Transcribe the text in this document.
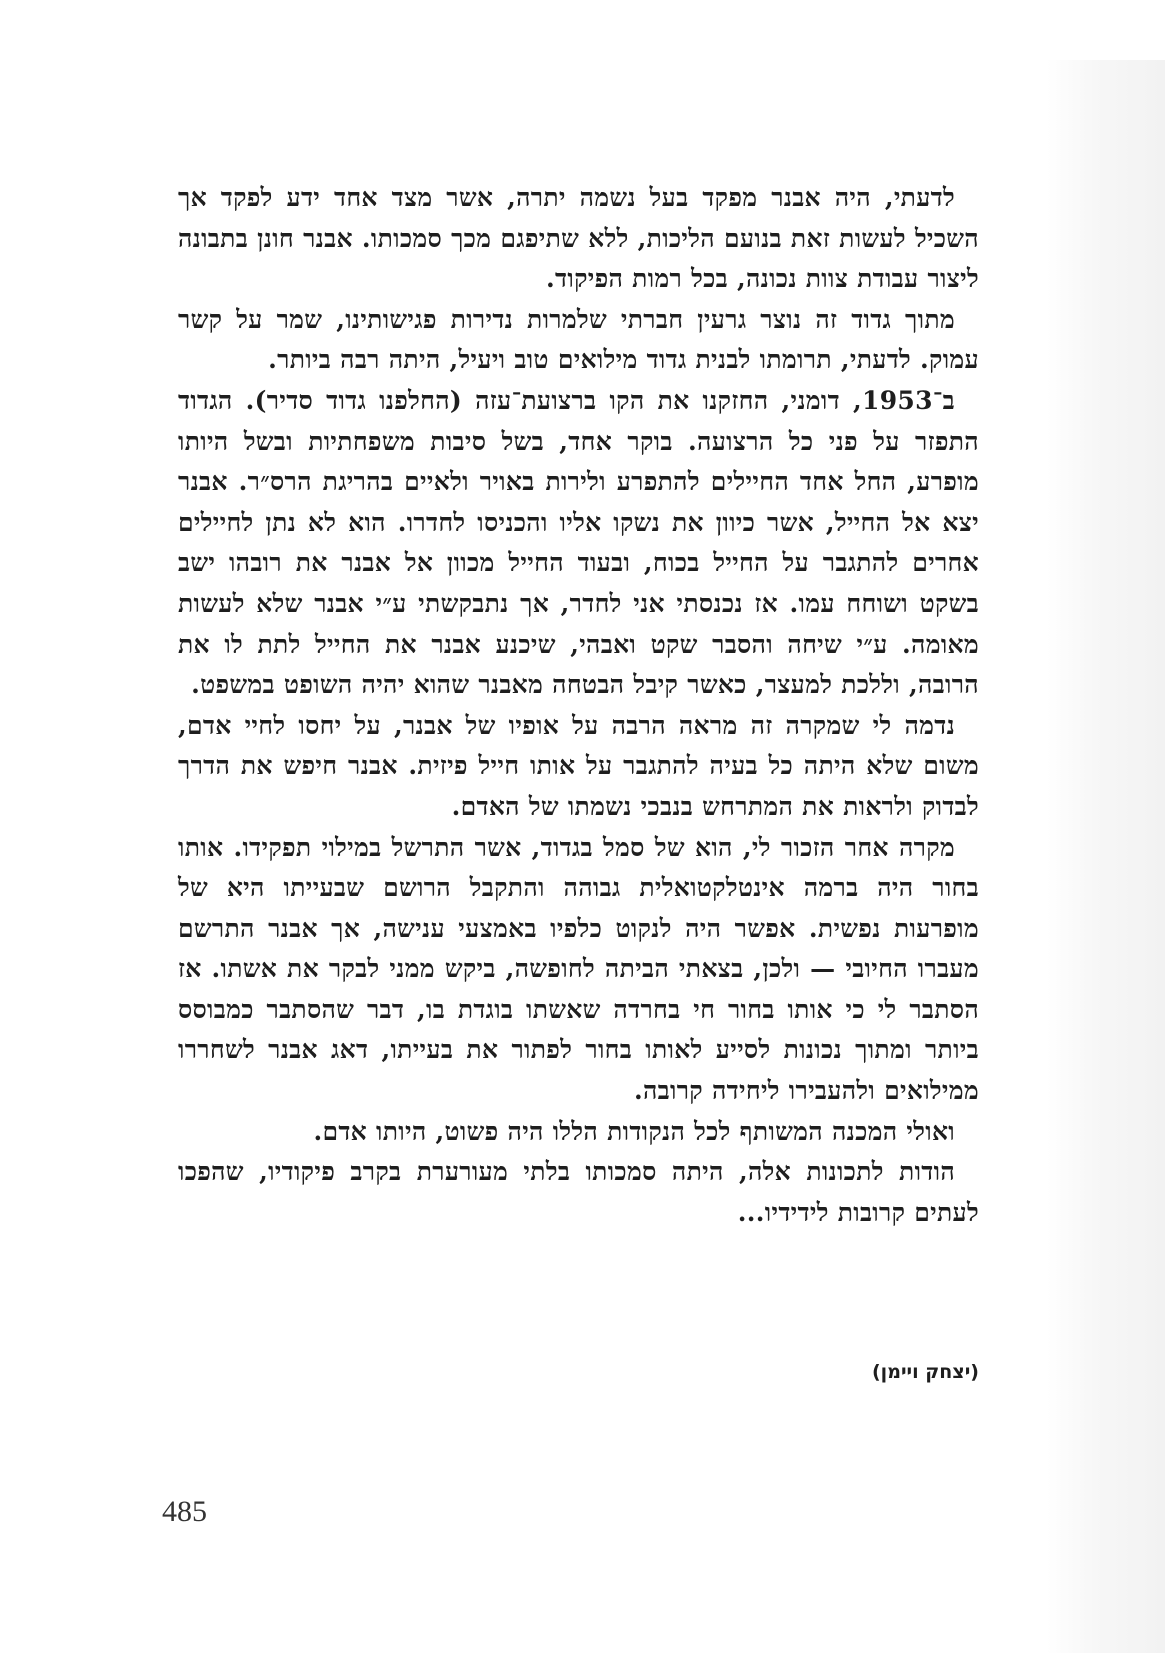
לדעתי, היה אבנר מפקד בעל נשמה יתרה, אשר מצד אחד ידע לפקד אך השכיל לעשות זאת בנועם הליכות, ללא שתיפגם מכך סמכותו. אבנר חונן בתבונה ליצור עבודת צוות נכונה, בכל רמות הפיקוד.

מתוך גדוד זה נוצר גרעין חברתי שלמרות נדירות פגישותינו, שמר על קשר עמוק. לדעתי, תרומתו לבנית גדוד מילואים טוב ויעיל, היתה רבה ביותר.

ב־1953, דומני, החזקנו את הקו ברצועת־עזה (החלפנו גדוד סדיר). הגדוד התפזר על פני כל הרצועה. בוקר אחד, בשל סיבות משפחתיות ובשל היותו מופרע, החל אחד החיילים להתפרע ולירות באויר ולאיים בהריגת הרס״ר. אבנר יצא אל החייל, אשר כיוון את נשקו אליו והכניסו לחדרו. הוא לא נתן לחיילים אחרים להתגבר על החייל בכוח, ובעוד החייל מכוון אל אבנר את רובהו ישב בשקט ושוחח עמו. אז נכנסתי אני לחדר, אך נתבקשתי ע״י אבנר שלא לעשות מאומה. ע״י שיחה והסבר שקט ואבהי, שיכנע אבנר את החייל לתת לו את הרובה, וללכת למעצר, כאשר קיבל הבטחה מאבנר שהוא יהיה השופט במשפט.

נדמה לי שמקרה זה מראה הרבה על אופיו של אבנר, על יחסו לחיי אדם, משום שלא היתה כל בעיה להתגבר על אותו חייל פיזית. אבנר חיפש את הדרך לבדוק ולראות את המתרחש בנבכי נשמתו של האדם.

מקרה אחר הזכור לי, הוא של סמל בגדוד, אשר התרשל במילוי תפקידו. אותו בחור היה ברמה אינטלקטואלית גבוהה והתקבל הרושם שבעייתו היא של מופרעות נפשית. אפשר היה לנקוט כלפיו באמצעי ענישה, אך אבנר התרשם מעברו החיובי — ולכן, בצאתי הביתה לחופשה, ביקש ממני לבקר את אשתו. אז הסתבר לי כי אותו בחור חי בחרדה שאשתו בוגדת בו, דבר שהסתבר כמבוסס ביותר ומתוך נכונות לסייע לאותו בחור לפתור את בעייתו, דאג אבנר לשחררו ממילואים ולהעבירו ליחידה קרובה.

ואולי המכנה המשותף לכל הנקודות הללו היה פשוט, היותו אדם.

הודות לתכונות אלה, היתה סמכותו בלתי מעורערת בקרב פיקודיו, שהפכו לעתים קרובות לידידיו...

(יצחק ויימן)
485
